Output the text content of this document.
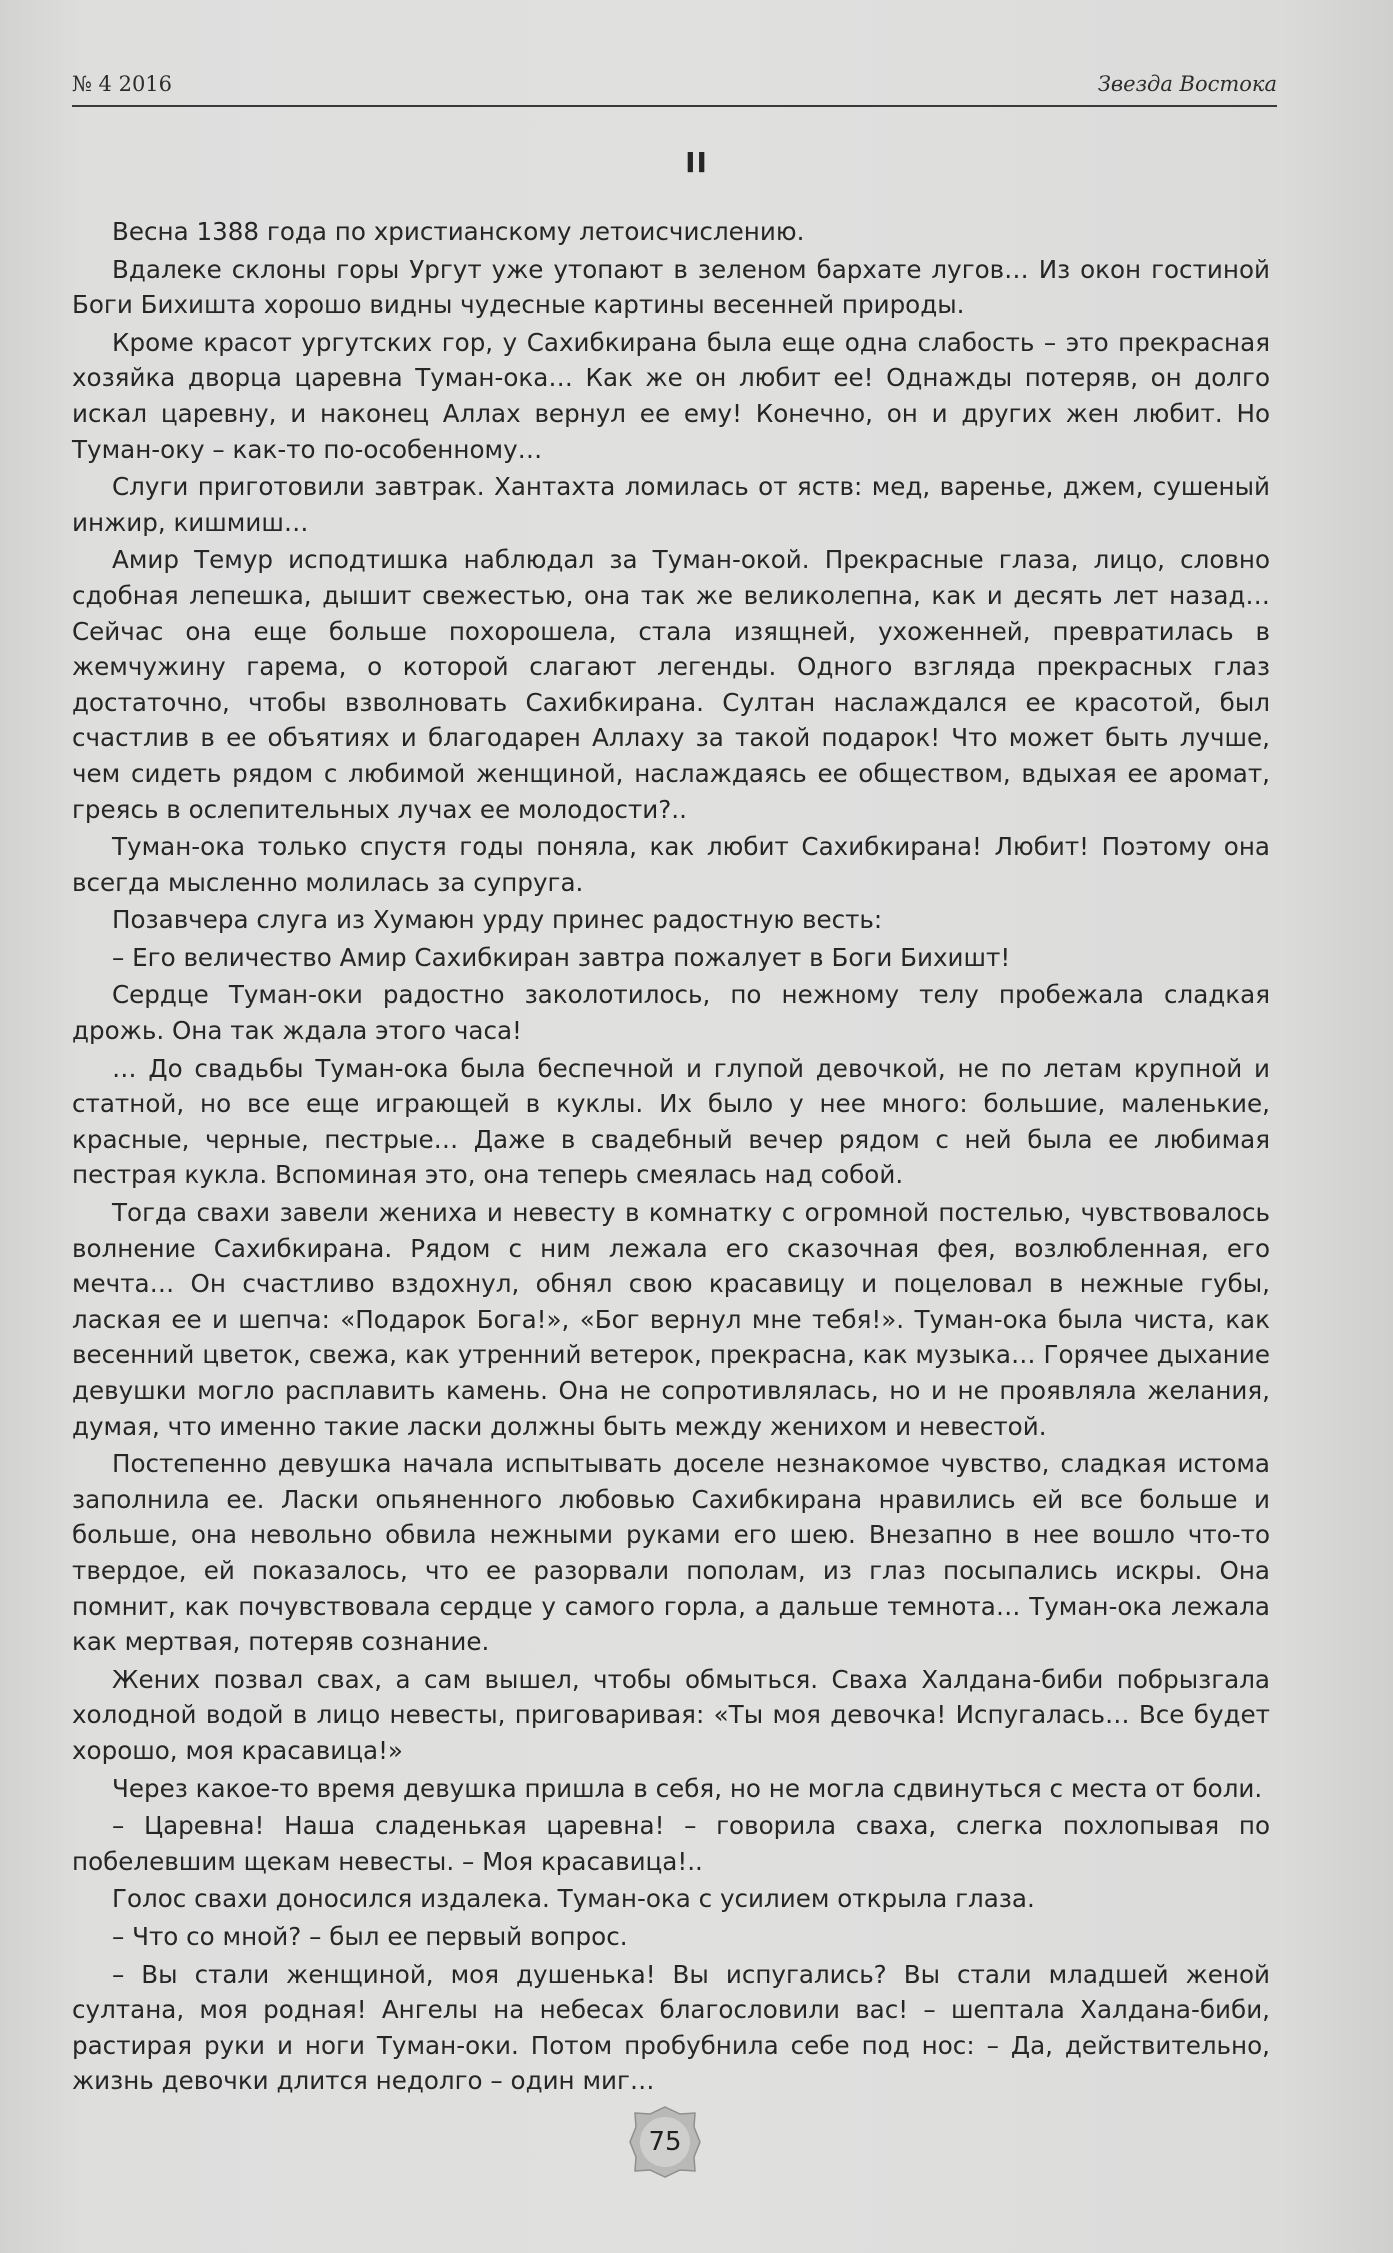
№ 4 2016	Звезда Востока
II

Весна 1388 года по христианскому летоисчислению.

Вдалеке склоны горы Ургут уже утопают в зеленом бархате лугов… Из окон гостиной Боги Бихишта хорошо видны чудесные картины весенней природы.

Кроме красот ургутских гор, у Сахибкирана была еще одна слабость – это прекрасная хозяйка дворца царевна Туман-ока… Как же он любит ее! Однажды потеряв, он долго искал царевну, и наконец Аллах вернул ее ему! Конечно, он и других жен любит. Но Туман-оку – как-то по-особенному…

Слуги приготовили завтрак. Хантахта ломилась от яств: мед, варенье, джем, сушеный инжир, кишмиш…

Амир Темур исподтишка наблюдал за Туман-окой. Прекрасные глаза, лицо, словно сдобная лепешка, дышит свежестью, она так же великолепна, как и десять лет назад… Сейчас она еще больше похорошела, стала изящней, ухоженней, превратилась в жемчужину гарема, о которой слагают легенды. Одного взгляда прекрасных глаз достаточно, чтобы взволновать Сахибкирана. Султан наслаждался ее красотой, был счастлив в ее объятиях и благодарен Аллаху за такой подарок! Что может быть лучше, чем сидеть рядом с любимой женщиной, наслаждаясь ее обществом, вдыхая ее аромат, греясь в ослепительных лучах ее молодости?..

Туман-ока только спустя годы поняла, как любит Сахибкирана! Любит! Поэтому она всегда мысленно молилась за супруга.

Позавчера слуга из Хумаюн урду принес радостную весть:

– Его величество Амир Сахибкиран завтра пожалует в Боги Бихишт!

Сердце Туман-оки радостно заколотилось, по нежному телу пробежала сладкая дрожь. Она так ждала этого часа!

… До свадьбы Туман-ока была беспечной и глупой девочкой, не по летам крупной и статной, но все еще играющей в куклы. Их было у нее много: большие, маленькие, красные, черные, пестрые… Даже в свадебный вечер рядом с ней была ее любимая пестрая кукла. Вспоминая это, она теперь смеялась над собой.

Тогда свахи завели жениха и невесту в комнатку с огромной постелью, чувствовалось волнение Сахибкирана. Рядом с ним лежала его сказочная фея, возлюбленная, его мечта… Он счастливо вздохнул, обнял свою красавицу и поцеловал в нежные губы, лаская ее и шепча: «Подарок Бога!», «Бог вернул мне тебя!». Туман-ока была чиста, как весенний цветок, свежа, как утренний ветерок, прекрасна, как музыка… Горячее дыхание девушки могло расплавить камень. Она не сопротивлялась, но и не проявляла желания, думая, что именно такие ласки должны быть между женихом и невестой.

Постепенно девушка начала испытывать доселе незнакомое чувство, сладкая истома заполнила ее. Ласки опьяненного любовью Сахибкирана нравились ей все больше и больше, она невольно обвила нежными руками его шею. Внезапно в нее вошло что-то твердое, ей показалось, что ее разорвали пополам, из глаз посыпались искры. Она помнит, как почувствовала сердце у самого горла, а дальше темнота… Туман-ока лежала как мертвая, потеряв сознание.

Жених позвал свах, а сам вышел, чтобы обмыться. Сваха Халдана-биби побрызгала холодной водой в лицо невесты, приговаривая: «Ты моя девочка! Испугалась… Все будет хорошо, моя красавица!»

Через какое-то время девушка пришла в себя, но не могла сдвинуться с места от боли.

– Царевна! Наша сладенькая царевна! – говорила сваха, слегка похлопывая по побелевшим щекам невесты. – Моя красавица!..

Голос свахи доносился издалека. Туман-ока с усилием открыла глаза.

– Что со мной? – был ее первый вопрос.

– Вы стали женщиной, моя душенька! Вы испугались? Вы стали младшей женой султана, моя родная! Ангелы на небесах благословили вас! – шептала Халдана-биби, растирая руки и ноги Туман-оки. Потом пробубнила себе под нос: – Да, действительно, жизнь девочки длится недолго – один миг…

75
